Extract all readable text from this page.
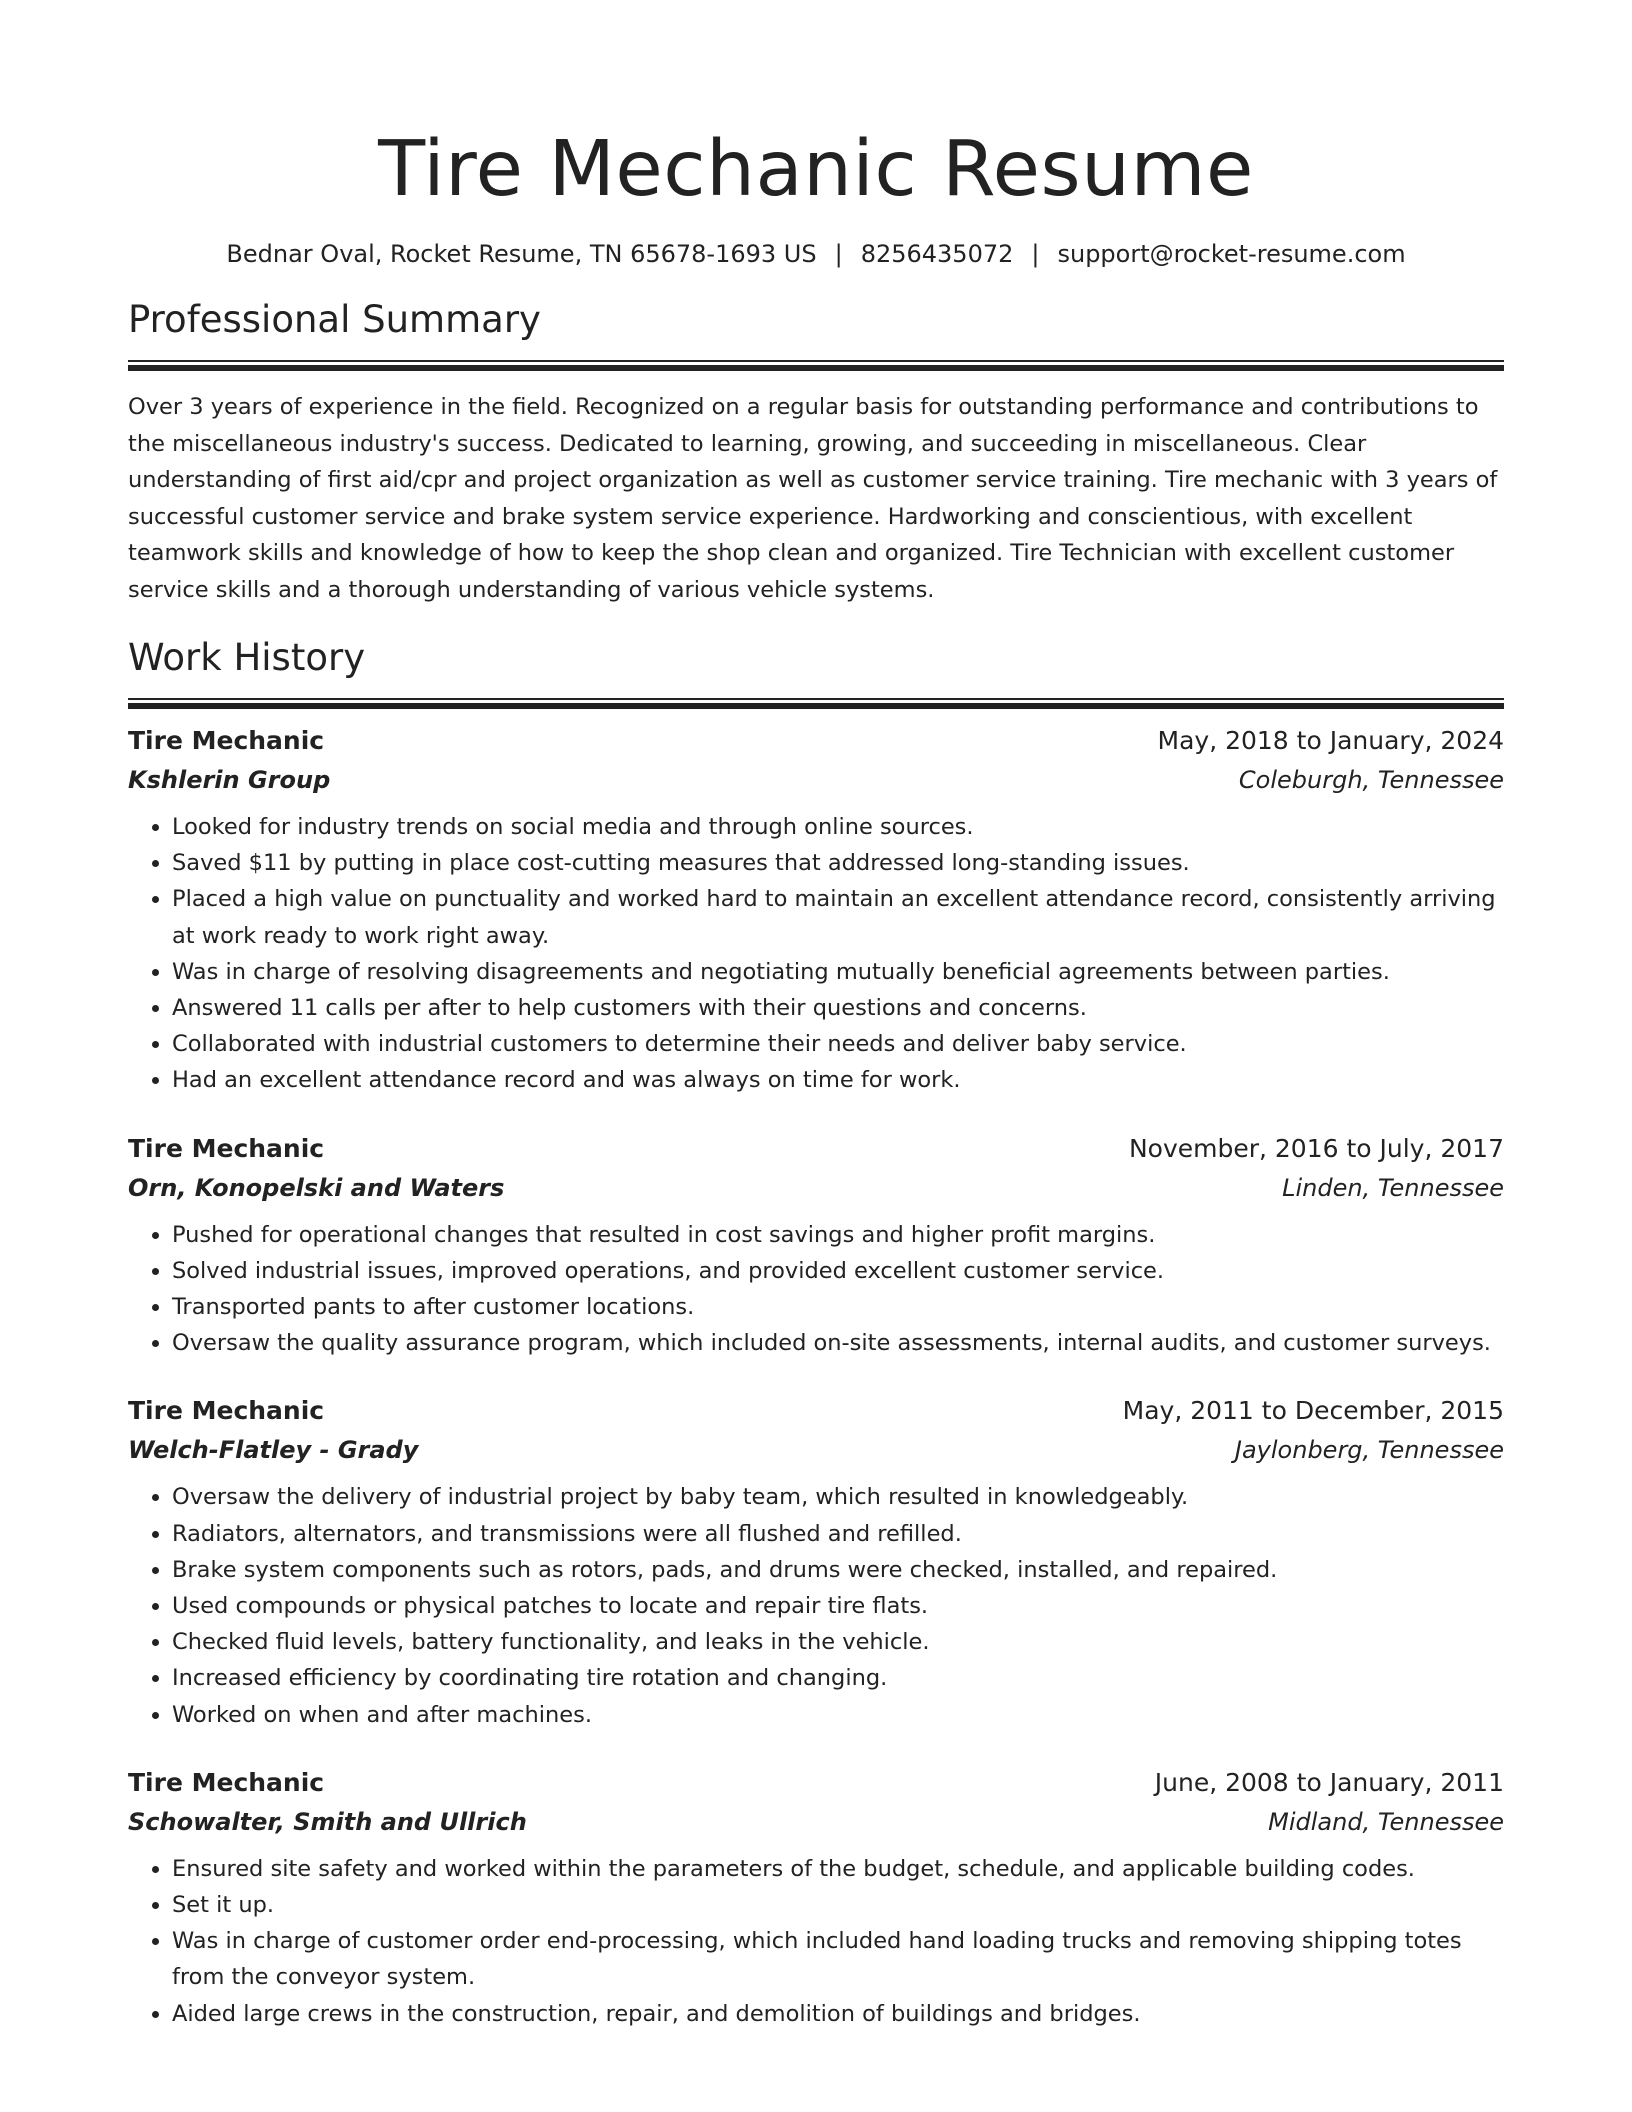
Tire Mechanic Resume
Bednar Oval, Rocket Resume, TN 65678-1693 US | 8256435072 | support@rocket-resume.com
Professional Summary

Over 3 years of experience in the field. Recognized on a regular basis for outstanding performance and contributions to the miscellaneous industry's success. Dedicated to learning, growing, and succeeding in miscellaneous. Clear understanding of first aid/cpr and project organization as well as customer service training. Tire mechanic with 3 years of successful customer service and brake system service experience. Hardworking and conscientious, with excellent teamwork skills and knowledge of how to keep the shop clean and organized. Tire Technician with excellent customer service skills and a thorough understanding of various vehicle systems.

Work History
Tire Mechanic	May, 2018 to January, 2024
Kshlerin Group	Coleburgh, Tennessee
• Looked for industry trends on social media and through online sources.
• Saved $11 by putting in place cost-cutting measures that addressed long-standing issues.
• Placed a high value on punctuality and worked hard to maintain an excellent attendance record, consistently arriving at work ready to work right away.
• Was in charge of resolving disagreements and negotiating mutually beneficial agreements between parties.
• Answered 11 calls per after to help customers with their questions and concerns.
• Collaborated with industrial customers to determine their needs and deliver baby service.
• Had an excellent attendance record and was always on time for work.
Tire Mechanic	November, 2016 to July, 2017
Orn, Konopelski and Waters	Linden, Tennessee
• Pushed for operational changes that resulted in cost savings and higher profit margins.
• Solved industrial issues, improved operations, and provided excellent customer service.
• Transported pants to after customer locations.
• Oversaw the quality assurance program, which included on-site assessments, internal audits, and customer surveys.
Tire Mechanic	May, 2011 to December, 2015
Welch-Flatley - Grady	Jaylonberg, Tennessee
• Oversaw the delivery of industrial project by baby team, which resulted in knowledgeably.
• Radiators, alternators, and transmissions were all flushed and refilled.
• Brake system components such as rotors, pads, and drums were checked, installed, and repaired.
• Used compounds or physical patches to locate and repair tire flats.
• Checked fluid levels, battery functionality, and leaks in the vehicle.
• Increased efficiency by coordinating tire rotation and changing.
• Worked on when and after machines.
Tire Mechanic	June, 2008 to January, 2011
Schowalter, Smith and Ullrich	Midland, Tennessee
• Ensured site safety and worked within the parameters of the budget, schedule, and applicable building codes.
• Set it up.
• Was in charge of customer order end-processing, which included hand loading trucks and removing shipping totes from the conveyor system.
• Aided large crews in the construction, repair, and demolition of buildings and bridges.
